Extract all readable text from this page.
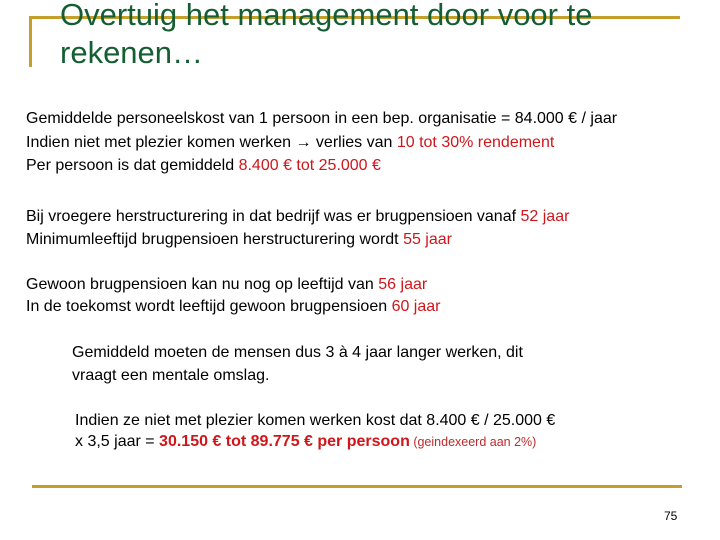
Overtuig het management door voor te rekenen…
Gemiddelde personeelskost van 1 persoon in een bep. organisatie = 84.000 € / jaar
Indien niet met plezier komen werken → verlies van 10 tot 30% rendement
Per persoon is dat gemiddeld 8.400 € tot 25.000 €
Bij vroegere herstructurering in dat bedrijf was er brugpensioen vanaf 52 jaar
Minimumleeftijd brugpensioen herstructurering wordt 55 jaar
Gewoon brugpensioen kan nu nog op leeftijd van 56 jaar
In de toekomst wordt leeftijd gewoon brugpensioen 60 jaar
Gemiddeld moeten de mensen dus 3 à 4 jaar langer werken, dit
vraagt een mentale omslag.
Indien ze niet met plezier komen werken kost dat 8.400 € / 25.000 €
x 3,5 jaar = 30.150 € tot 89.775 € per persoon (geindexeerd aan 2%)
75
